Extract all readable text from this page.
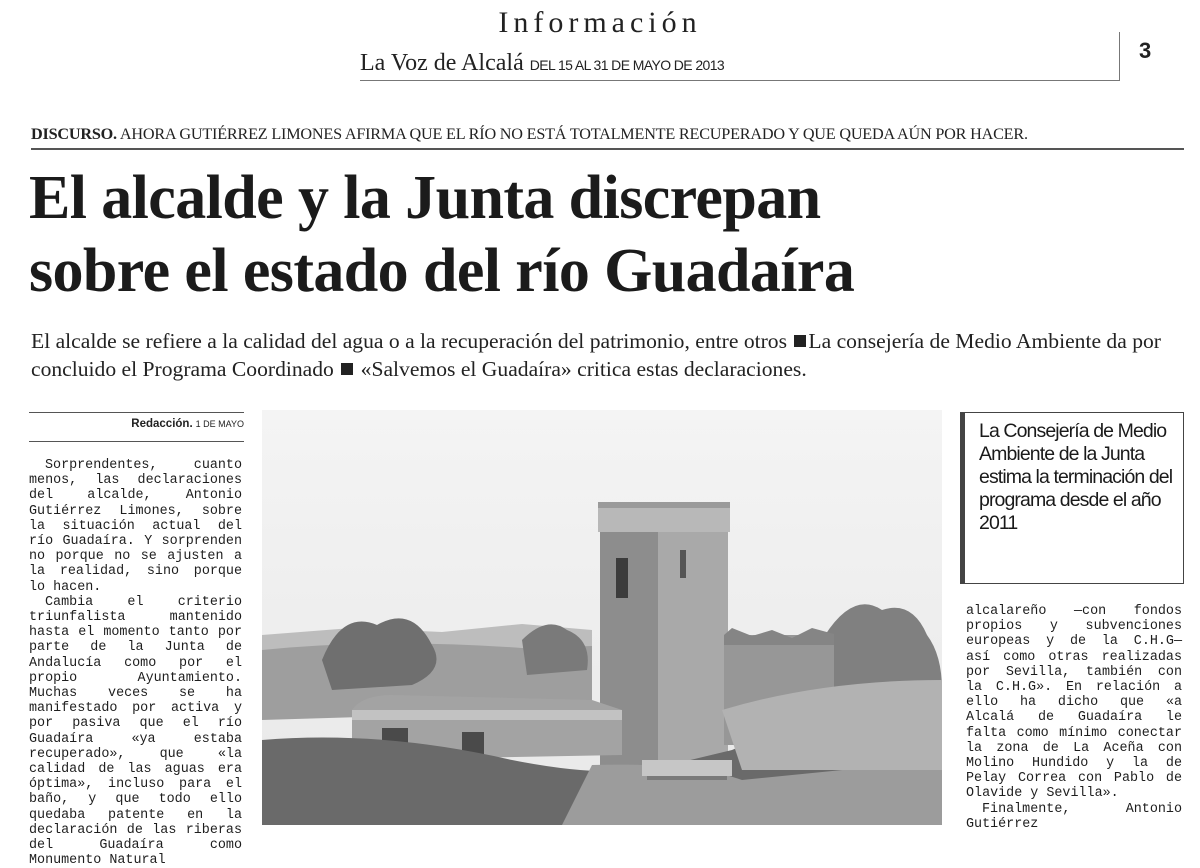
Información
La Voz de Alcalá DEL 15 AL 31 DE MAYO DE 2013
3
DISCURSO. AHORA GUTIÉRREZ LIMONES AFIRMA QUE EL RÍO NO ESTÁ TOTALMENTE RECUPERADO Y QUE QUEDA AÚN POR HACER.
El alcalde y la Junta discrepan
sobre el estado del río Guadaíra
El alcalde se refiere a la calidad del agua o a la recuperación del patrimonio, entre otros La consejería de Medio Ambiente da por concluido el Programa Coordinado «Salvemos el Guadaíra» critica estas declaraciones.
Redacción. 1 DE MAYO

Sorprendentes, cuanto menos, las declaraciones del alcalde, Antonio Gutiérrez Limones, sobre la situación actual del río Guadaíra. Y sorprenden no porque no se ajusten a la realidad, sino porque lo hacen.

Cambia el criterio triunfalista mantenido hasta el momento tanto por parte de la Junta de Andalucía como por el propio Ayuntamiento. Muchas veces se ha manifestado por activa y por pasiva que el río Guadaíra «ya estaba recuperado», que «la calidad de las aguas era óptima», incluso para el baño, y que todo ello quedaba patente en la declaración de las riberas del Guadaíra como Monumento Natural

La Consejería de Medio Ambiente de la Junta estima la terminación del programa desde el año 2011

alcalareño —con fondos propios y subvenciones europeas y de la C.H.G— así como otras realizadas por Sevilla, también con la C.H.G». En relación a ello ha dicho que «a Alcalá de Guadaíra le falta como mínimo conectar la zona de La Aceña con Molino Hundido y la de Pelay Correa con Pablo de Olavide y Sevilla».

Finalmente, Antonio Gutiérrez
